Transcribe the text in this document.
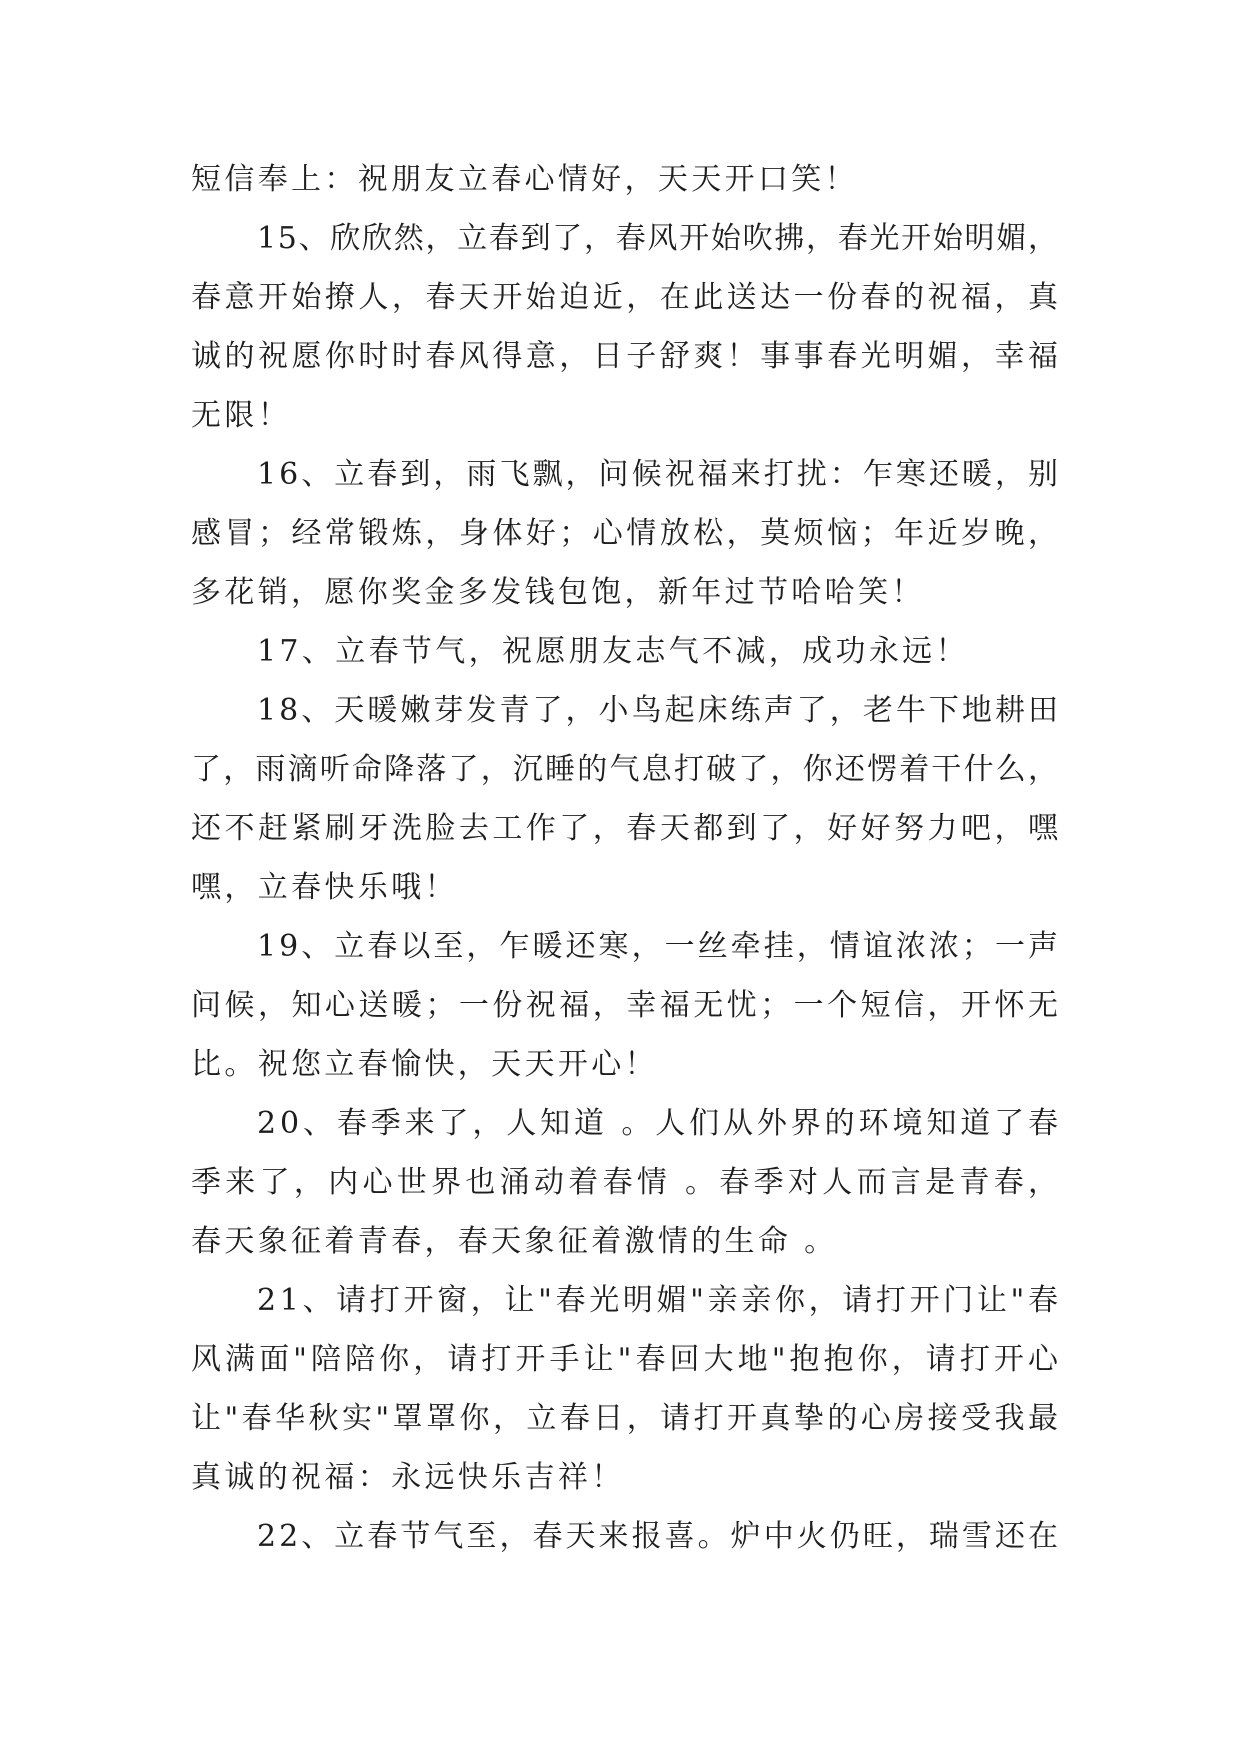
短信奉上：祝朋友立春心情好，天天开口笑！
15、欣欣然，立春到了，春风开始吹拂，春光开始明媚，
春意开始撩人，春天开始迫近，在此送达一份春的祝福，真
诚的祝愿你时时春风得意，日子舒爽！事事春光明媚，幸福
无限！
16、立春到，雨飞飘，问候祝福来打扰：乍寒还暖，别
感冒；经常锻炼，身体好；心情放松，莫烦恼；年近岁晚，
多花销，愿你奖金多发钱包饱，新年过节哈哈笑！
17、立春节气，祝愿朋友志气不减，成功永远！
18、天暖嫩芽发青了，小鸟起床练声了，老牛下地耕田
了，雨滴听命降落了，沉睡的气息打破了，你还愣着干什么，
还不赶紧刷牙洗脸去工作了，春天都到了，好好努力吧，嘿
嘿，立春快乐哦！
19、立春以至，乍暖还寒，一丝牵挂，情谊浓浓；一声
问候，知心送暖；一份祝福，幸福无忧；一个短信，开怀无
比。祝您立春愉快，天天开心！
20、春季来了，人知道 。人们从外界的环境知道了春
季来了，内心世界也涌动着春情 。春季对人而言是青春，
春天象征着青春，春天象征着激情的生命 。
21、请打开窗，让"春光明媚"亲亲你，请打开门让"春
风满面"陪陪你，请打开手让"春回大地"抱抱你，请打开心
让"春华秋实"罩罩你，立春日，请打开真挚的心房接受我最
真诚的祝福：永远快乐吉祥！
22、立春节气至，春天来报喜。炉中火仍旺，瑞雪还在
